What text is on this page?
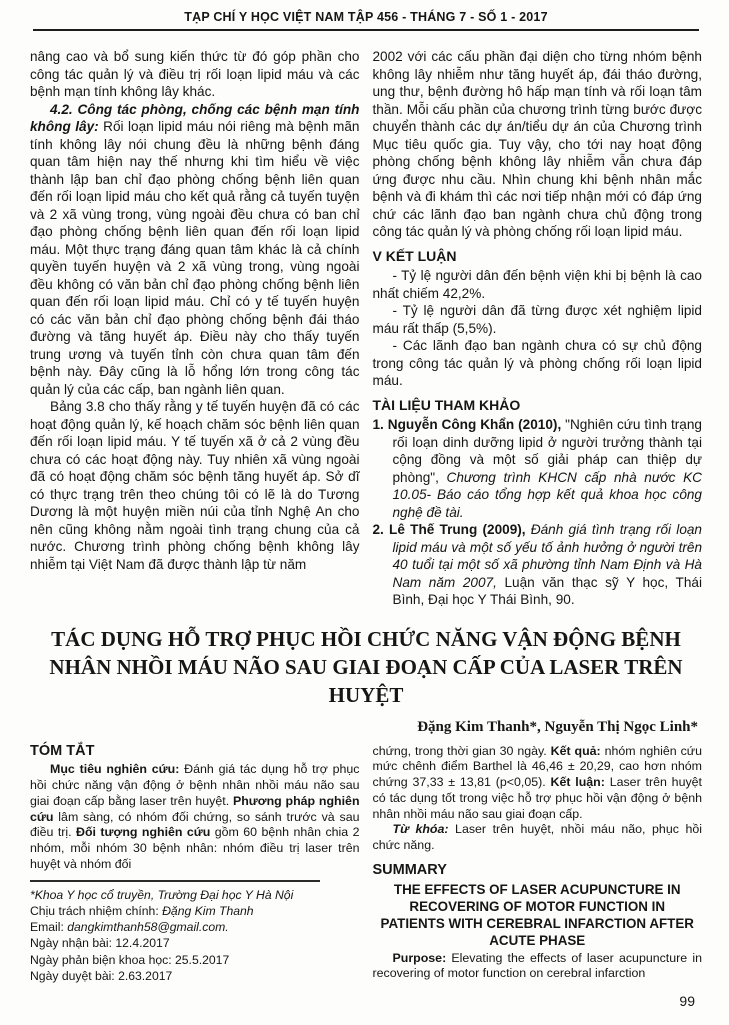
TẠP CHÍ Y HỌC VIỆT NAM TẬP 456 - THÁNG 7 - SỐ 1 - 2017

nâng cao và bổ sung kiến thức từ đó góp phần cho công tác quản lý và điều trị rối loạn lipid máu và các bệnh mạn tính không lây khác.

4.2. Công tác phòng, chống các bệnh mạn tính không lây: Rối loạn lipid máu nói riêng mà bệnh mãn tính không lây nói chung đều là những bệnh đáng quan tâm hiện nay thế nhưng khi tìm hiểu về việc thành lập ban chỉ đạo phòng chống bệnh liên quan đến rối loạn lipid máu cho kết quả rằng cả tuyến tuyện và 2 xã vùng trong, vùng ngoài đều chưa có ban chỉ đạo phòng chống bệnh liên quan đến rối loạn lipid máu. Một thực trạng đáng quan tâm khác là cả chính quyền tuyến huyện và 2 xã vùng trong, vùng ngoài đều không có văn bản chỉ đạo phòng chống bệnh liên quan đến rối loạn lipid máu. Chỉ có y tế tuyến huyện có các văn bản chỉ đạo phòng chống bệnh đái tháo đường và tăng huyết áp. Điều này cho thấy tuyến trung ương và tuyến tỉnh còn chưa quan tâm đến bệnh này. Đây cũng là lỗ hổng lớn trong công tác quản lý của các cấp, ban ngành liên quan.

Bảng 3.8 cho thấy rằng y tế tuyến huyện đã có các hoạt động quản lý, kế hoạch chăm sóc bệnh liên quan đến rối loạn lipid máu. Y tế tuyến xã ở cả 2 vùng đều chưa có các hoạt động này. Tuy nhiên xã vùng ngoài đã có hoạt động chăm sóc bệnh tăng huyết áp. Sở dĩ có thực trạng trên theo chúng tôi có lẽ là do Tương Dương là một huyện miền núi của tỉnh Nghệ An cho nên cũng không nằm ngoài tình trạng chung của cả nước. Chương trình phòng chống bệnh không lây nhiễm tại Việt Nam đã được thành lập từ năm

2002 với các cấu phần đại diện cho từng nhóm bệnh không lây nhiễm như tăng huyết áp, đái tháo đường, ung thư, bệnh đường hô hấp mạn tính và rối loạn tâm thần. Mỗi cấu phần của chương trình từng bước được chuyển thành các dự án/tiểu dự án của Chương trình Mục tiêu quốc gia. Tuy vậy, cho tới nay hoạt động phòng chống bệnh không lây nhiễm vẫn chưa đáp ứng được nhu cầu. Nhìn chung khi bệnh nhân mắc bệnh và đi khám thì các nơi tiếp nhận mới có đáp ứng chứ các lãnh đạo ban ngành chưa chủ động trong công tác quản lý và phòng chống rối loạn lipid máu.

V KẾT LUẬN

- Tỷ lệ người dân đến bệnh viện khi bị bệnh là cao nhất chiếm 42,2%.

- Tỷ lệ người dân đã từng được xét nghiệm lipid máu rất thấp (5,5%).

- Các lãnh đạo ban ngành chưa có sự chủ động trong công tác quản lý và phòng chống rối loạn lipid máu.

TÀI LIỆU THAM KHẢO

1. Nguyễn Công Khẩn (2010), "Nghiên cứu tình trạng rối loạn dinh dưỡng lipid ở người trưởng thành tại cộng đồng và một số giải pháp can thiệp dự phòng", Chương trình KHCN cấp nhà nước KC 10.05- Báo cáo tổng hợp kết quả khoa học công nghệ đề tài.

2. Lê Thế Trung (2009), Đánh giá tình trạng rối loạn lipid máu và một số yếu tố ảnh hưởng ở người trên 40 tuổi tại một số xã phường tỉnh Nam Định và Hà Nam năm 2007, Luận văn thạc sỹ Y học, Thái Bình, Đại học Y Thái Bình, 90.

TÁC DỤNG HỖ TRỢ PHỤC HỒI CHỨC NĂNG VẬN ĐỘNG BỆNH NHÂN NHỒI MÁU NÃO SAU GIAI ĐOẠN CẤP CỦA LASER TRÊN HUYỆT
Đặng Kim Thanh*, Nguyễn Thị Ngọc Linh*
TÓM TẮT

Mục tiêu nghiên cứu: Đánh giá tác dụng hỗ trợ phục hồi chức năng vận động ở bệnh nhân nhồi máu não sau giai đoạn cấp bằng laser trên huyệt. Phương pháp nghiên cứu lâm sàng, có nhóm đối chứng, so sánh trước và sau điều trị. Đối tượng nghiên cứu gồm 60 bệnh nhân chia 2 nhóm, mỗi nhóm 30 bệnh nhân: nhóm điều trị laser trên huyệt và nhóm đối

*Khoa Y học cổ truyền, Trường Đại học Y Hà Nội

Chịu trách nhiệm chính: Đặng Kim Thanh

Email: dangkimthanh58@gmail.com.

Ngày nhận bài: 12.4.2017

Ngày phản biện khoa học: 25.5.2017

Ngày duyệt bài: 2.63.2017

chứng, trong thời gian 30 ngày. Kết quả: nhóm nghiên cứu mức chênh điểm Barthel là 46,46 ± 20,29, cao hơn nhóm chứng 37,33 ± 13,81 (p<0,05). Kết luận: Laser trên huyệt có tác dụng tốt trong việc hỗ trợ phục hồi vận động ở bệnh nhân nhồi máu não sau giai đoạn cấp.

Từ khóa: Laser trên huyệt, nhồi máu não, phục hồi chức năng.

SUMMARY
THE EFFECTS OF LASER ACUPUNCTURE IN RECOVERING OF MOTOR FUNCTION IN PATIENTS WITH CEREBRAL INFARCTION AFTER ACUTE PHASE

Purpose: Elevating the effects of laser acupuncture in recovering of motor function on cerebral infarction

99
